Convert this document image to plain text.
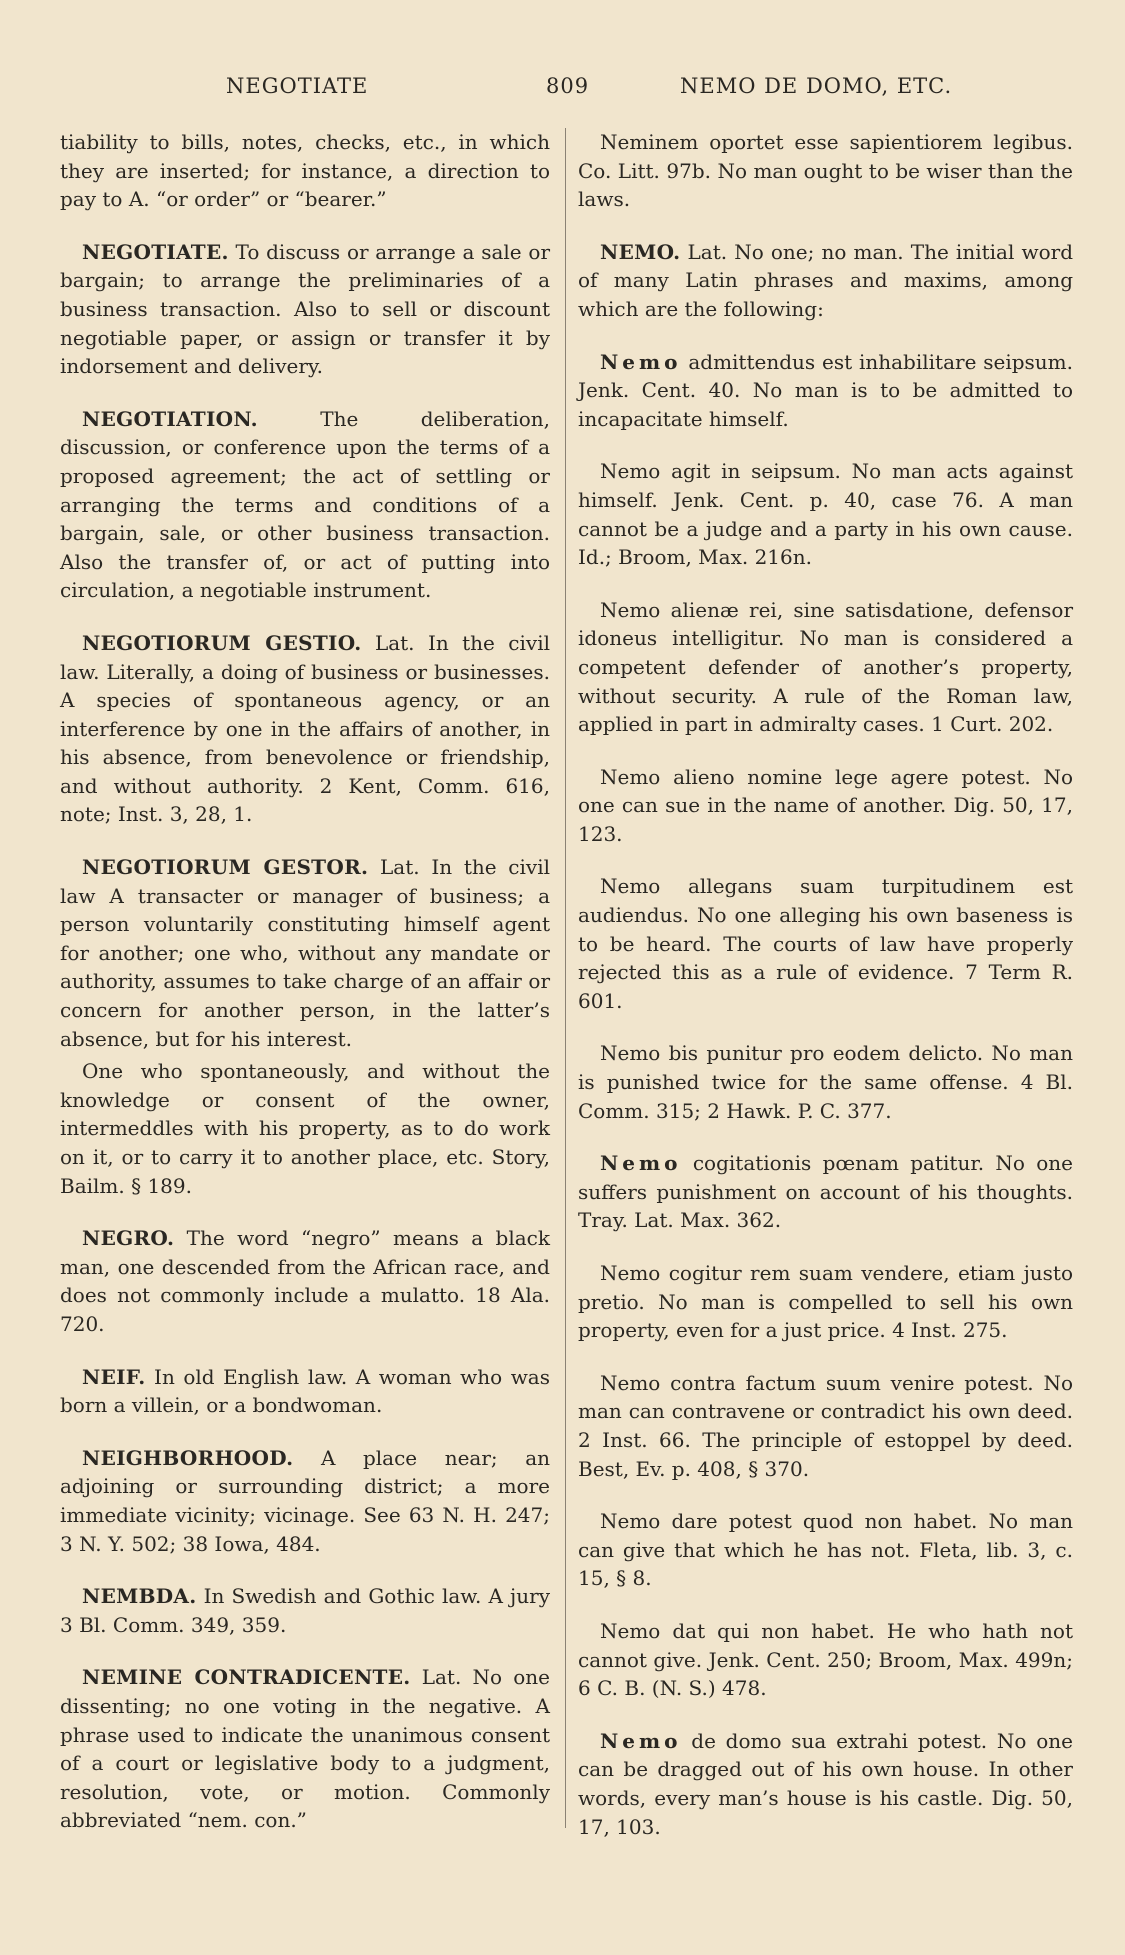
NEGOTIATE	809	NEMO DE DOMO, ETC.

tiability to bills, notes, checks, etc., in which they are inserted; for instance, a direction to pay to A. “or order” or “bearer.”

NEGOTIATE. To discuss or arrange a sale or bargain; to arrange the preliminaries of a business transaction. Also to sell or discount negotiable paper, or assign or transfer it by indorsement and delivery.

NEGOTIATION. The deliberation, discussion, or conference upon the terms of a proposed agreement; the act of settling or arranging the terms and conditions of a bargain, sale, or other business transaction. Also the transfer of, or act of putting into circulation, a negotiable instrument.

NEGOTIORUM GESTIO. Lat. In the civil law. Literally, a doing of business or businesses. A species of spontaneous agency, or an interference by one in the affairs of another, in his absence, from benevolence or friendship, and without authority. 2 Kent, Comm. 616, note; Inst. 3, 28, 1.

NEGOTIORUM GESTOR. Lat. In the civil law A transacter or manager of business; a person voluntarily constituting himself agent for another; one who, without any mandate or authority, assumes to take charge of an affair or concern for another person, in the latter’s absence, but for his interest.

One who spontaneously, and without the knowledge or consent of the owner, intermeddles with his property, as to do work on it, or to carry it to another place, etc. Story, Bailm. § 189.

NEGRO. The word “negro” means a black man, one descended from the African race, and does not commonly include a mulatto. 18 Ala. 720.

NEIF. In old English law. A woman who was born a villein, or a bondwoman.

NEIGHBORHOOD. A place near; an adjoining or surrounding district; a more immediate vicinity; vicinage. See 63 N. H. 247; 3 N. Y. 502; 38 Iowa, 484.

NEMBDA. In Swedish and Gothic law. A jury 3 Bl. Comm. 349, 359.

NEMINE CONTRADICENTE. Lat. No one dissenting; no one voting in the negative. A phrase used to indicate the unanimous consent of a court or legislative body to a judgment, resolution, vote, or motion. Commonly abbreviated “nem. con.”

Neminem oportet esse sapientiorem legibus. Co. Litt. 97b. No man ought to be wiser than the laws.

NEMO. Lat. No one; no man. The initial word of many Latin phrases and maxims, among which are the following:

Nemo admittendus est inhabilitare seipsum. Jenk. Cent. 40. No man is to be admitted to incapacitate himself.

Nemo agit in seipsum. No man acts against himself. Jenk. Cent. p. 40, case 76. A man cannot be a judge and a party in his own cause. Id.; Broom, Max. 216n.

Nemo alienæ rei, sine satisdatione, defensor idoneus intelligitur. No man is considered a competent defender of another’s property, without security. A rule of the Roman law, applied in part in admiralty cases. 1 Curt. 202.

Nemo alieno nomine lege agere potest. No one can sue in the name of another. Dig. 50, 17, 123.

Nemo allegans suam turpitudinem est audiendus. No one alleging his own baseness is to be heard. The courts of law have properly rejected this as a rule of evidence. 7 Term R. 601.

Nemo bis punitur pro eodem delicto. No man is punished twice for the same offense. 4 Bl. Comm. 315; 2 Hawk. P. C. 377.

Nemo cogitationis pœnam patitur. No one suffers punishment on account of his thoughts. Tray. Lat. Max. 362.

Nemo cogitur rem suam vendere, etiam justo pretio. No man is compelled to sell his own property, even for a just price. 4 Inst. 275.

Nemo contra factum suum venire potest. No man can contravene or contradict his own deed. 2 Inst. 66. The principle of estoppel by deed. Best, Ev. p. 408, § 370.

Nemo dare potest quod non habet. No man can give that which he has not. Fleta, lib. 3, c. 15, § 8.

Nemo dat qui non habet. He who hath not cannot give. Jenk. Cent. 250; Broom, Max. 499n; 6 C. B. (N. S.) 478.

Nemo de domo sua extrahi potest. No one can be dragged out of his own house. In other words, every man’s house is his castle. Dig. 50, 17, 103.
